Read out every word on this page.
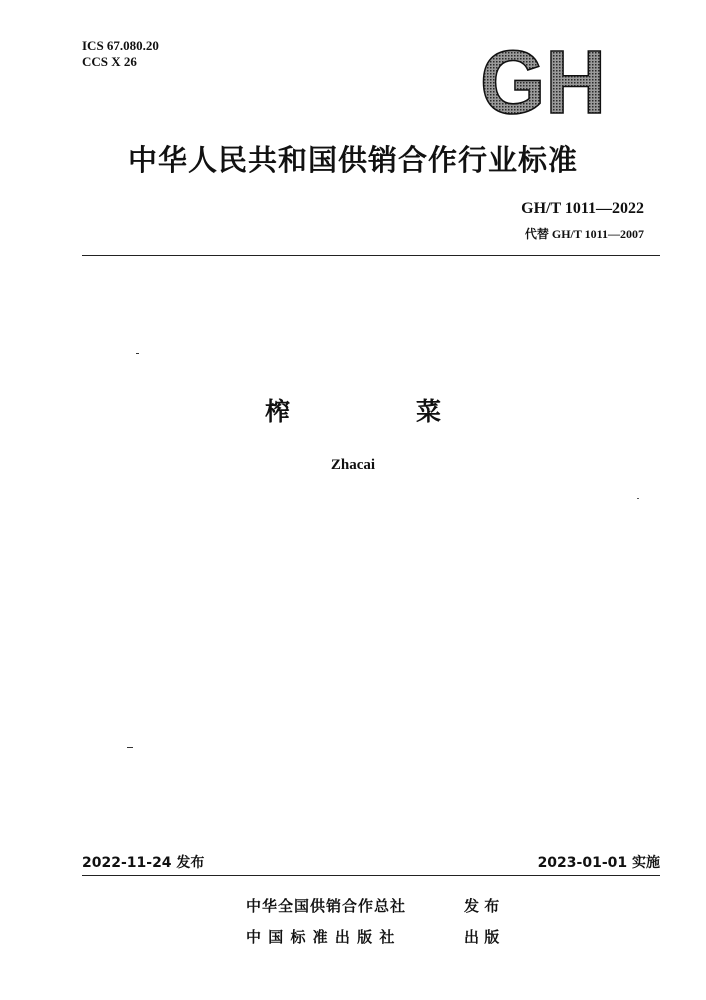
ICS 67.080.20
CCS X 26	GH
中华人民共和国供销合作行业标准
GH/T 1011—2022
代替 GH/T 1011—2007
榨	菜
Zhacai
2022-11-24 发布	2023-01-01 实施
中华全国供销合作总社	发 布
中 国 标 准 出 版 社	出 版
